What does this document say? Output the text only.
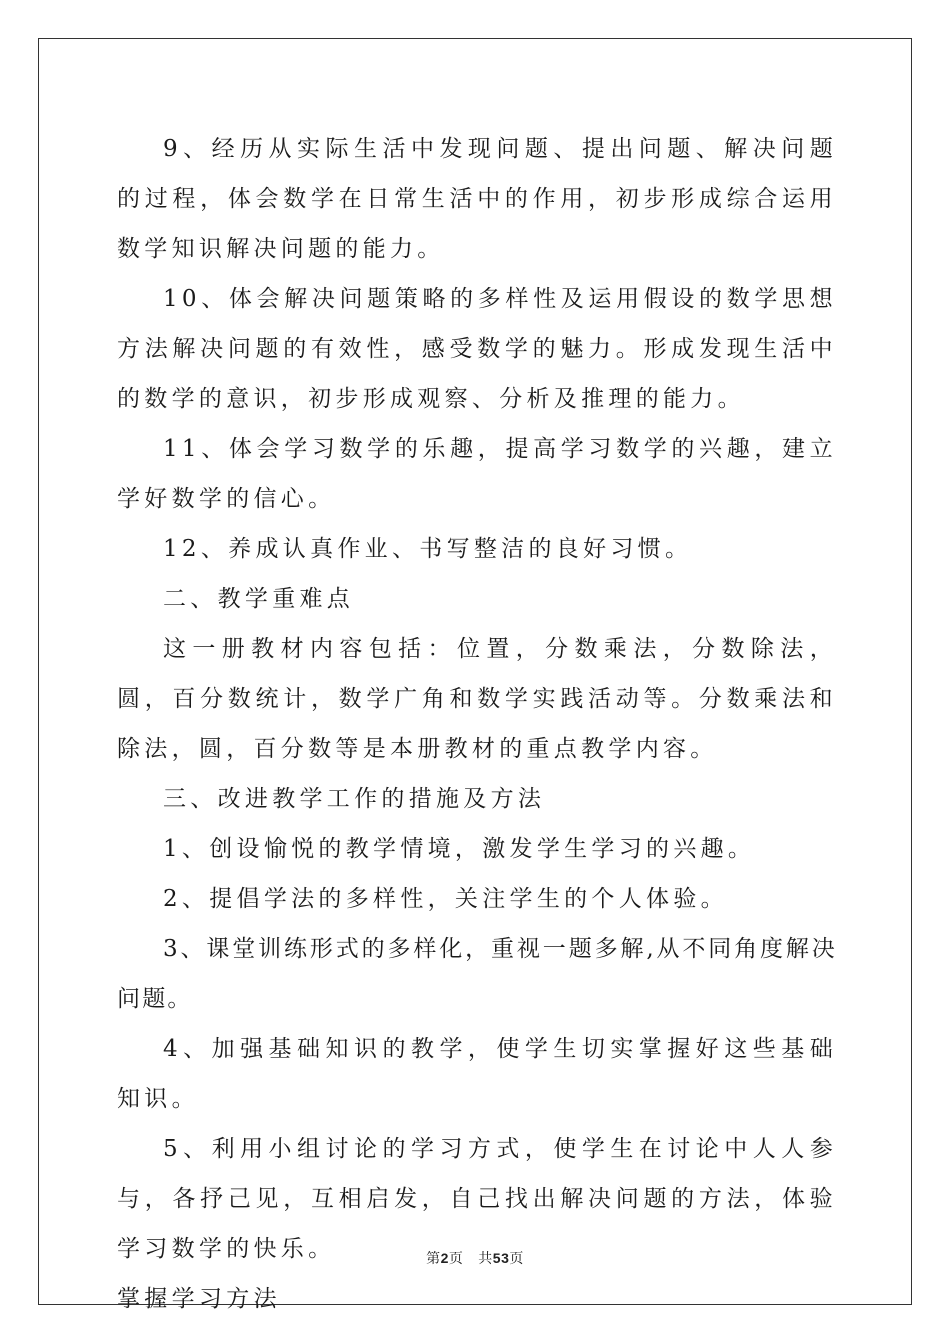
9、经历从实际生活中发现问题、提出问题、解决问题的过程，体会数学在日常生活中的作用，初步形成综合运用数学知识解决问题的能力。

10、体会解决问题策略的多样性及运用假设的数学思想方法解决问题的有效性，感受数学的魅力。形成发现生活中的数学的意识，初步形成观察、分析及推理的能力。

11、体会学习数学的乐趣，提高学习数学的兴趣，建立学好数学的信心。

12、养成认真作业、书写整洁的良好习惯。

二、教学重难点

这一册教材内容包括：位置，分数乘法，分数除法，圆，百分数统计，数学广角和数学实践活动等。分数乘法和除法，圆，百分数等是本册教材的重点教学内容。

三、改进教学工作的措施及方法

1、创设愉悦的教学情境，激发学生学习的兴趣。

2、提倡学法的多样性，关注学生的个人体验。

3、课堂训练形式的多样化，重视一题多解,从不同角度解决问题。

4、加强基础知识的教学，使学生切实掌握好这些基础知识。

5、利用小组讨论的学习方式，使学生在讨论中人人参与，各抒己见，互相启发，自己找出解决问题的方法，体验学习数学的快乐。

掌握学习方法

第2页 共53页
